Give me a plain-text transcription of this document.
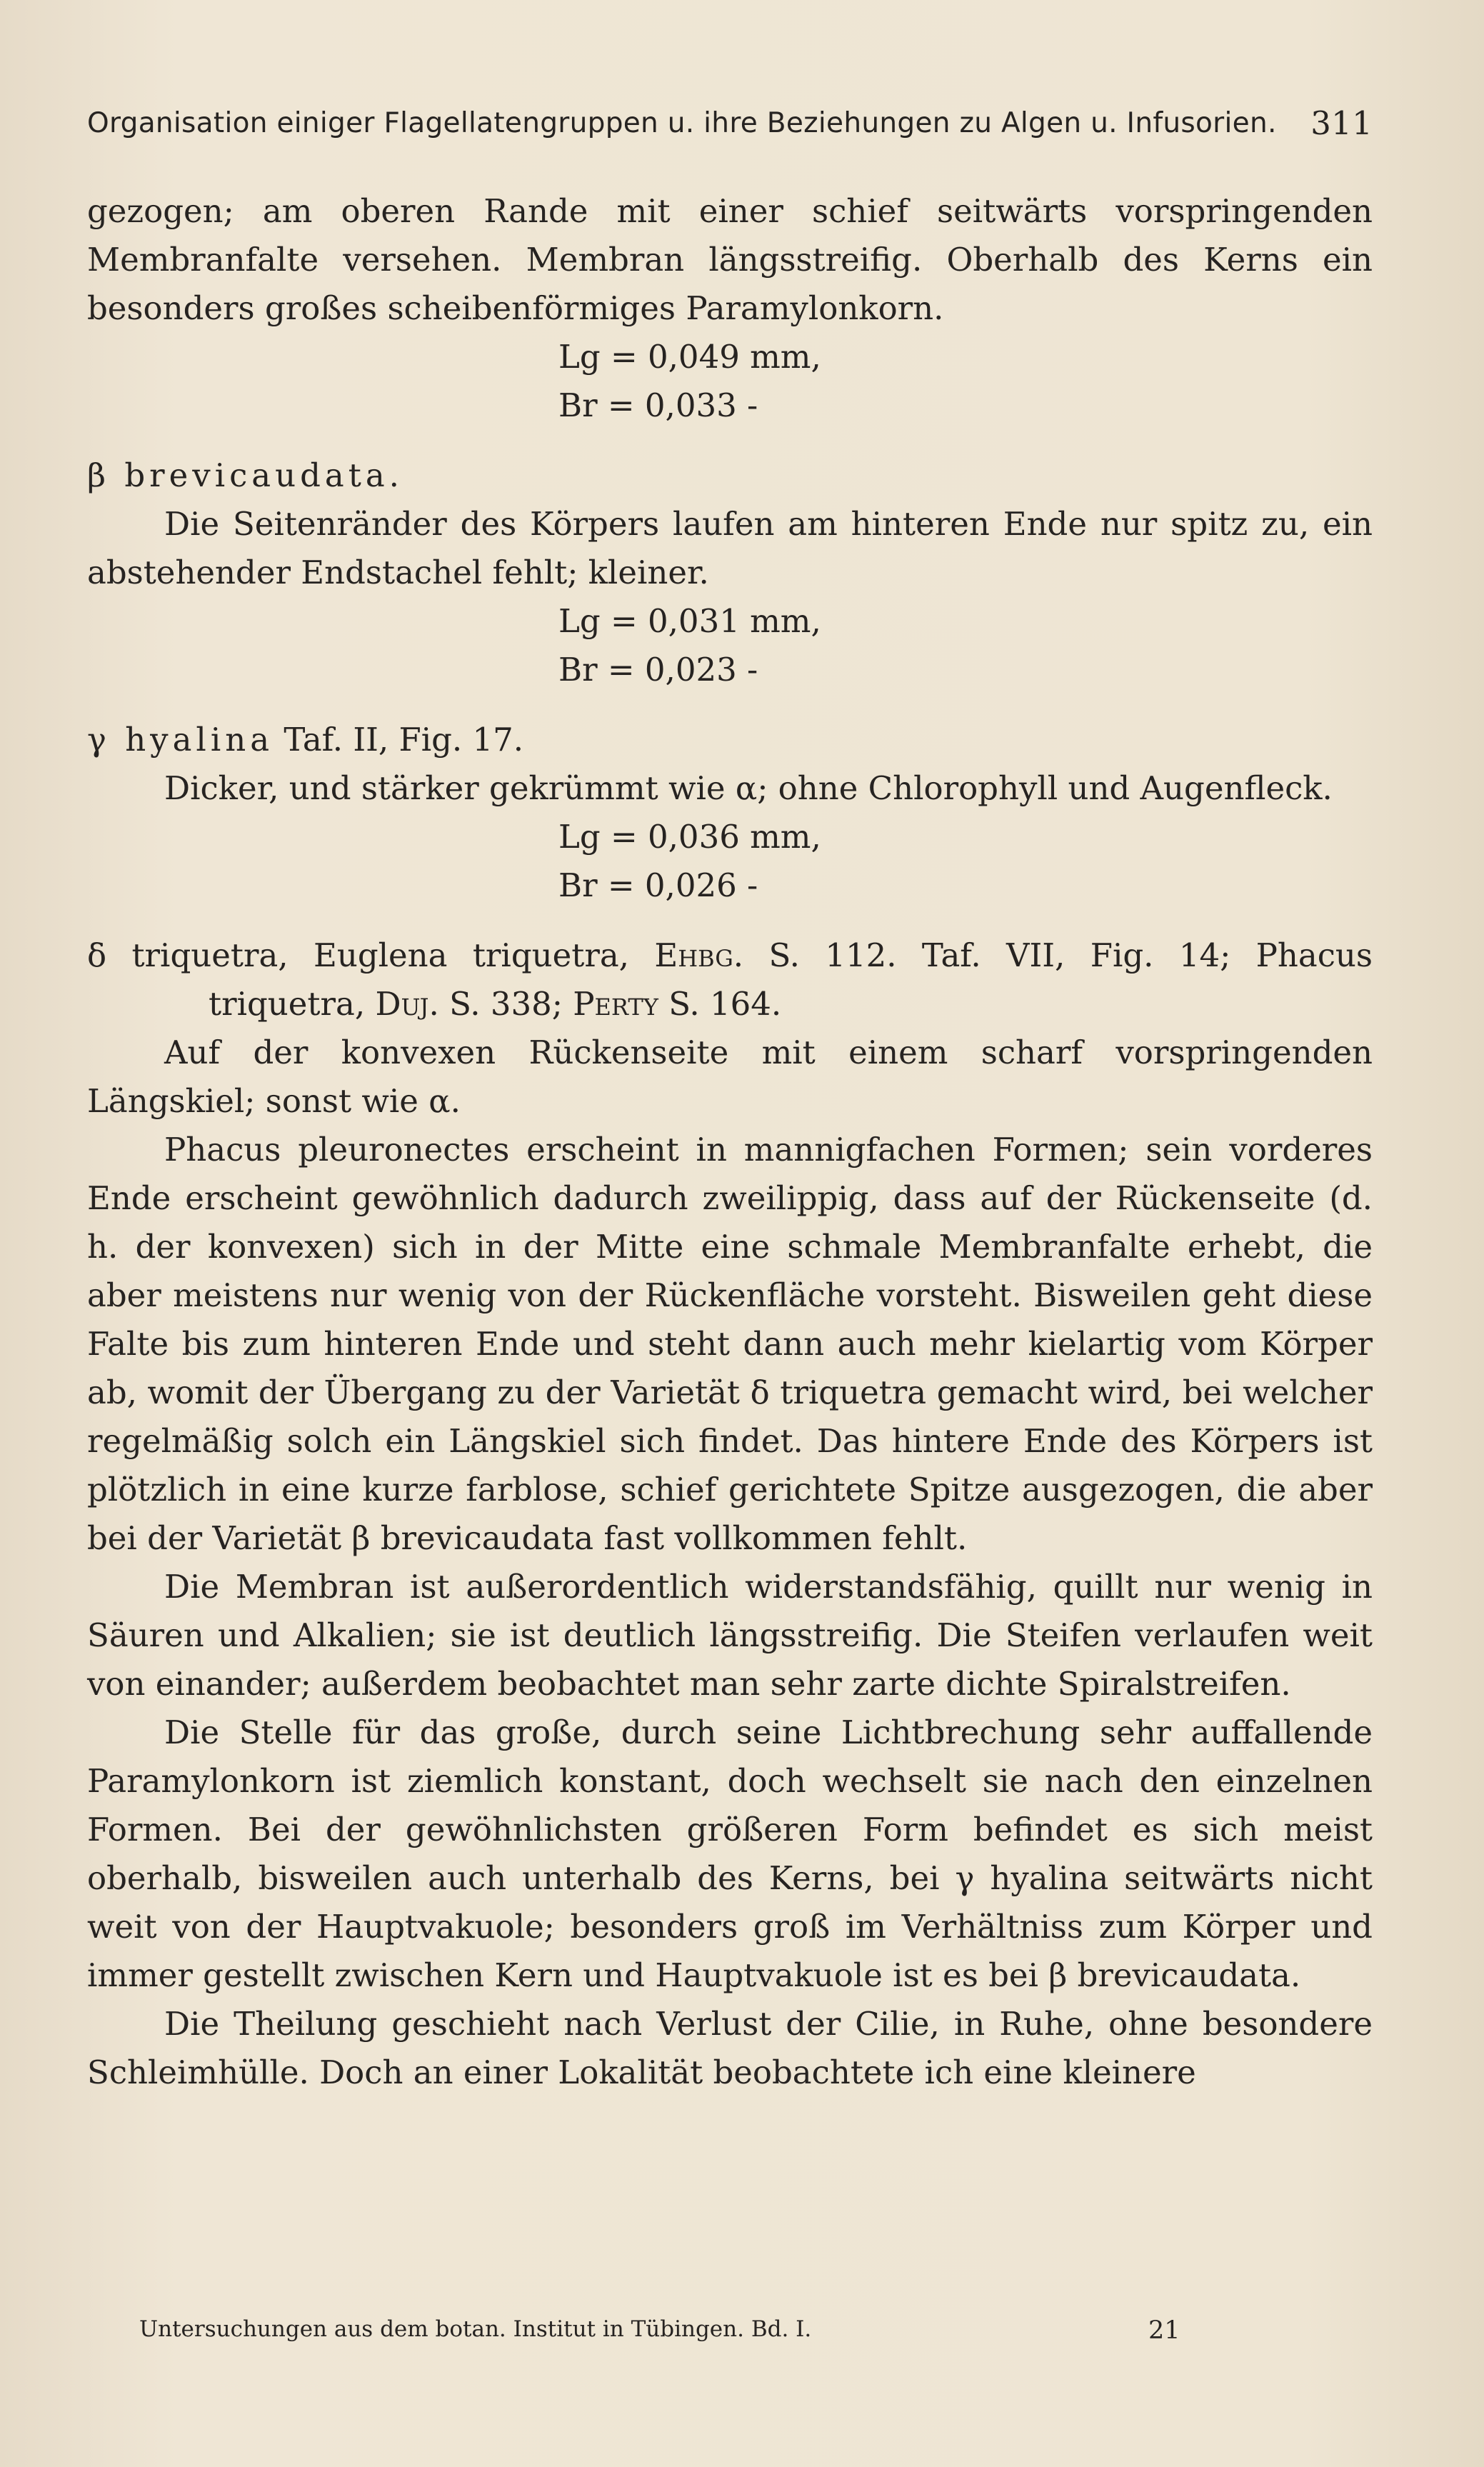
Organisation einiger Flagellatengruppen u. ihre Beziehungen zu Algen u. Infusorien. 311

gezogen; am oberen Rande mit einer schief seitwärts vorspringenden Membranfalte versehen. Membran längsstreifig. Oberhalb des Kerns ein besonders großes scheibenförmiges Paramylonkorn.

Lg = 0,049 mm,

Br = 0,033 -

β brevicaudata.

Die Seitenränder des Körpers laufen am hinteren Ende nur spitz zu, ein abstehender Endstachel fehlt; kleiner.

Lg = 0,031 mm,

Br = 0,023 -

γ hyalina Taf. II, Fig. 17.

Dicker, und stärker gekrümmt wie α; ohne Chlorophyll und Augenfleck.

Lg = 0,036 mm,

Br = 0,026 -

δ triquetra, Euglena triquetra, Ehbg. S. 112. Taf. VII, Fig. 14; Phacus triquetra, Duj. S. 338; Perty S. 164.

Auf der konvexen Rückenseite mit einem scharf vorspringenden Längskiel; sonst wie α.

Phacus pleuronectes erscheint in mannigfachen Formen; sein vorderes Ende erscheint gewöhnlich dadurch zweilippig, dass auf der Rückenseite (d. h. der konvexen) sich in der Mitte eine schmale Membranfalte erhebt, die aber meistens nur wenig von der Rückenfläche vorsteht. Bisweilen geht diese Falte bis zum hinteren Ende und steht dann auch mehr kielartig vom Körper ab, womit der Übergang zu der Varietät δ triquetra gemacht wird, bei welcher regelmäßig solch ein Längskiel sich findet. Das hintere Ende des Körpers ist plötzlich in eine kurze farblose, schief gerichtete Spitze ausgezogen, die aber bei der Varietät β brevicaudata fast vollkommen fehlt.

Die Membran ist außerordentlich widerstandsfähig, quillt nur wenig in Säuren und Alkalien; sie ist deutlich längsstreifig. Die Steifen verlaufen weit von einander; außerdem beobachtet man sehr zarte dichte Spiralstreifen.

Die Stelle für das große, durch seine Lichtbrechung sehr auffallende Paramylonkorn ist ziemlich konstant, doch wechselt sie nach den einzelnen Formen. Bei der gewöhnlichsten größeren Form befindet es sich meist oberhalb, bisweilen auch unterhalb des Kerns, bei γ hyalina seitwärts nicht weit von der Hauptvakuole; besonders groß im Verhältniss zum Körper und immer gestellt zwischen Kern und Hauptvakuole ist es bei β brevicaudata.

Die Theilung geschieht nach Verlust der Cilie, in Ruhe, ohne besondere Schleimhülle. Doch an einer Lokalität beobachtete ich eine kleinere

Untersuchungen aus dem botan. Institut in Tübingen. Bd. I.	21
